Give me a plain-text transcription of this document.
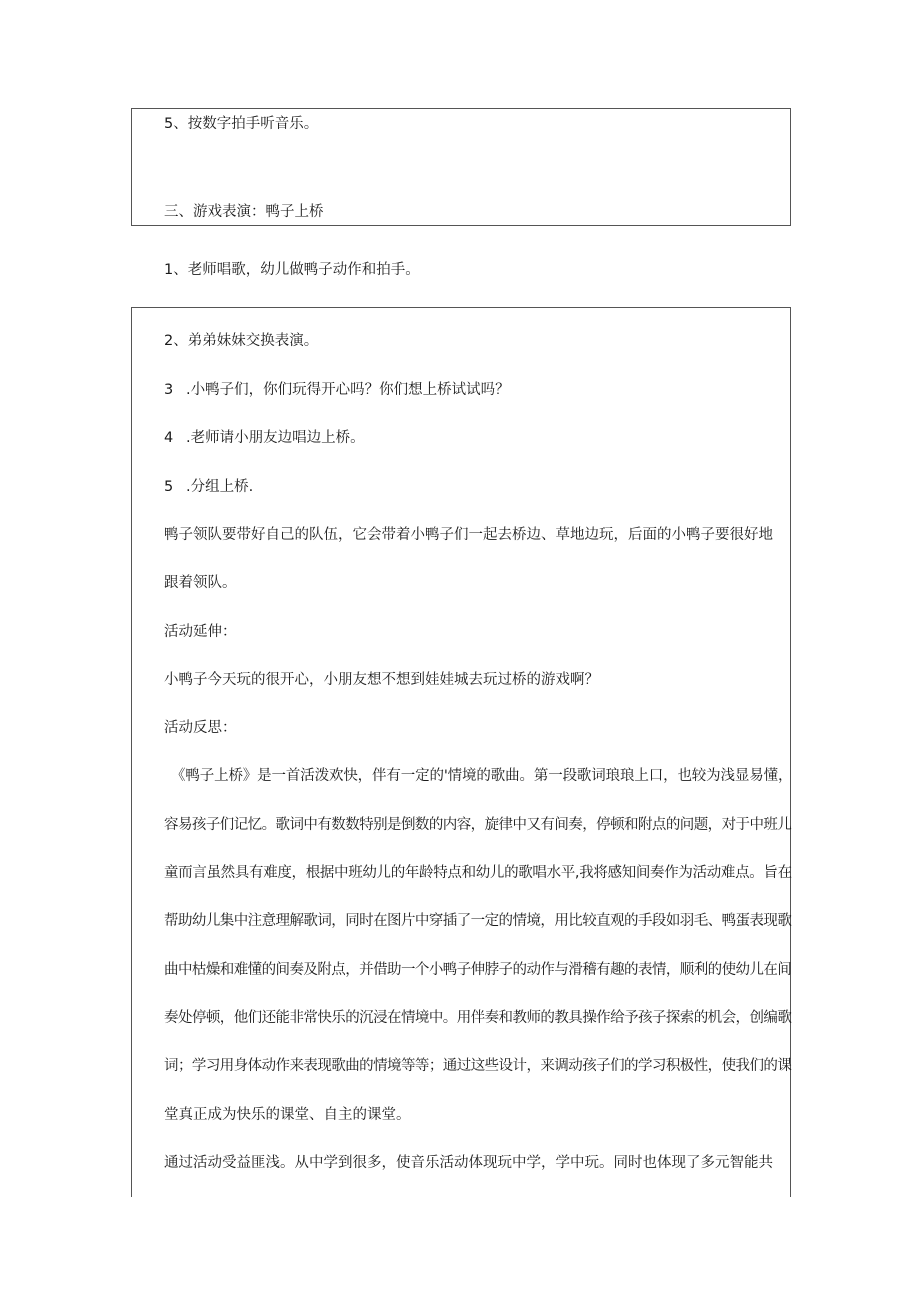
5、按数字拍手听音乐。
三、游戏表演：鸭子上桥
1、老师唱歌，幼儿做鸭子动作和拍手。
2、弟弟妹妹交换表演。
3 .小鸭子们，你们玩得开心吗？你们想上桥试试吗？
4 .老师请小朋友边唱边上桥。
5 .分组上桥.
鸭子领队要带好自己的队伍，它会带着小鸭子们一起去桥边、草地边玩，后面的小鸭子要很好地
跟着领队。
活动延伸：
小鸭子今天玩的很开心，小朋友想不想到娃娃城去玩过桥的游戏啊？
活动反思：
《鸭子上桥》是一首活泼欢快，伴有一定的'情境的歌曲。第一段歌词琅琅上口，也较为浅显易懂，
容易孩子们记忆。歌词中有数数特别是倒数的内容，旋律中又有间奏，停顿和附点的问题，对于中班儿
童而言虽然具有难度，根据中班幼儿的年龄特点和幼儿的歌唱水平,我将感知间奏作为活动难点。旨在
帮助幼儿集中注意理解歌词，同时在图片中穿插了一定的情境，用比较直观的手段如羽毛、鸭蛋表现歌
曲中枯燥和难懂的间奏及附点，并借助一个小鸭子伸脖子的动作与滑稽有趣的表情，顺利的使幼儿在间
奏处停顿，他们还能非常快乐的沉浸在情境中。用伴奏和教师的教具操作给予孩子探索的机会，创编歌
词；学习用身体动作来表现歌曲的情境等等；通过这些设计，来调动孩子们的学习积极性，使我们的课
堂真正成为快乐的课堂、自主的课堂。
通过活动受益匪浅。从中学到很多，使音乐活动体现玩中学，学中玩。同时也体现了多元智能共
